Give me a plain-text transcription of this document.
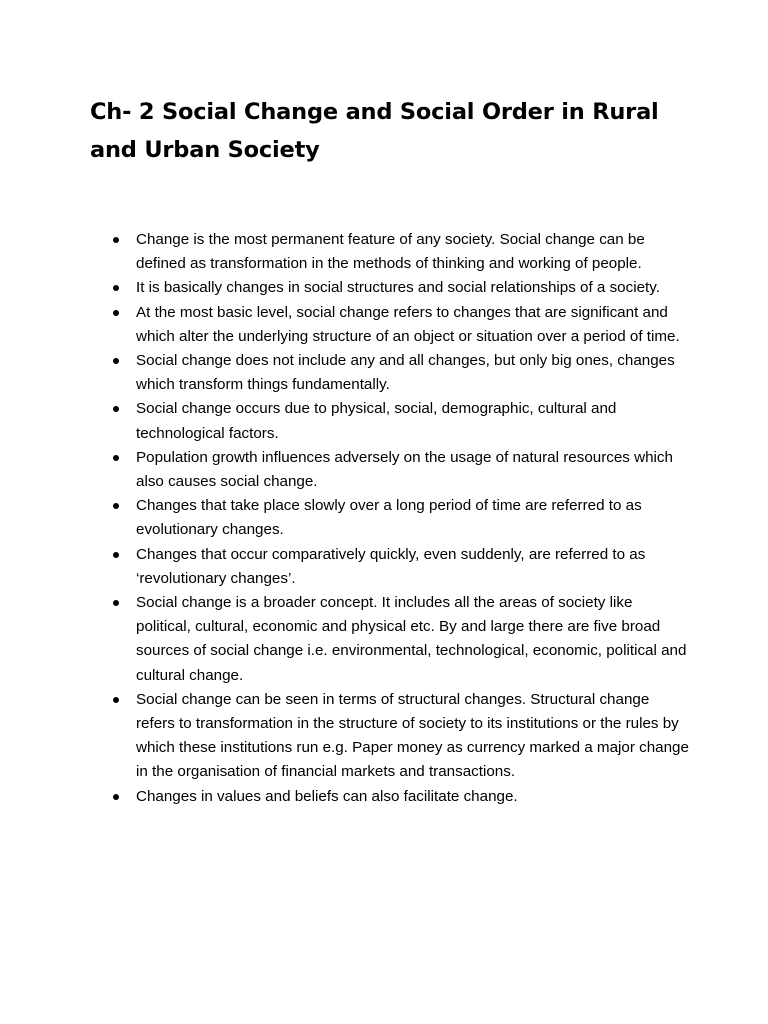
Ch- 2 Social Change and Social Order in Rural and Urban Society
Change is the most permanent feature of any society. Social change can be defined as transformation in the methods of thinking and working of people.
It is basically changes in social structures and social relationships of a society.
At the most basic level, social change refers to changes that are significant and which alter the underlying structure of an object or situation over a period of time.
Social change does not include any and all changes, but only big ones, changes which transform things fundamentally.
Social change occurs due to physical, social, demographic, cultural and technological factors.
Population growth influences adversely on the usage of natural resources which also causes social change.
Changes that take place slowly over a long period of time are referred to as evolutionary changes.
Changes that occur comparatively quickly, even suddenly, are referred to as ‘revolutionary changes’.
Social change is a broader concept. It includes all the areas of society like political, cultural, economic and physical etc. By and large there are five broad sources of social change i.e. environmental, technological, economic, political and cultural change.
Social change can be seen in terms of structural changes. Structural change refers to transformation in the structure of society to its institutions or the rules by which these institutions run e.g. Paper money as currency marked a major change in the organisation of financial markets and transactions.
Changes in values and beliefs can also facilitate change.
